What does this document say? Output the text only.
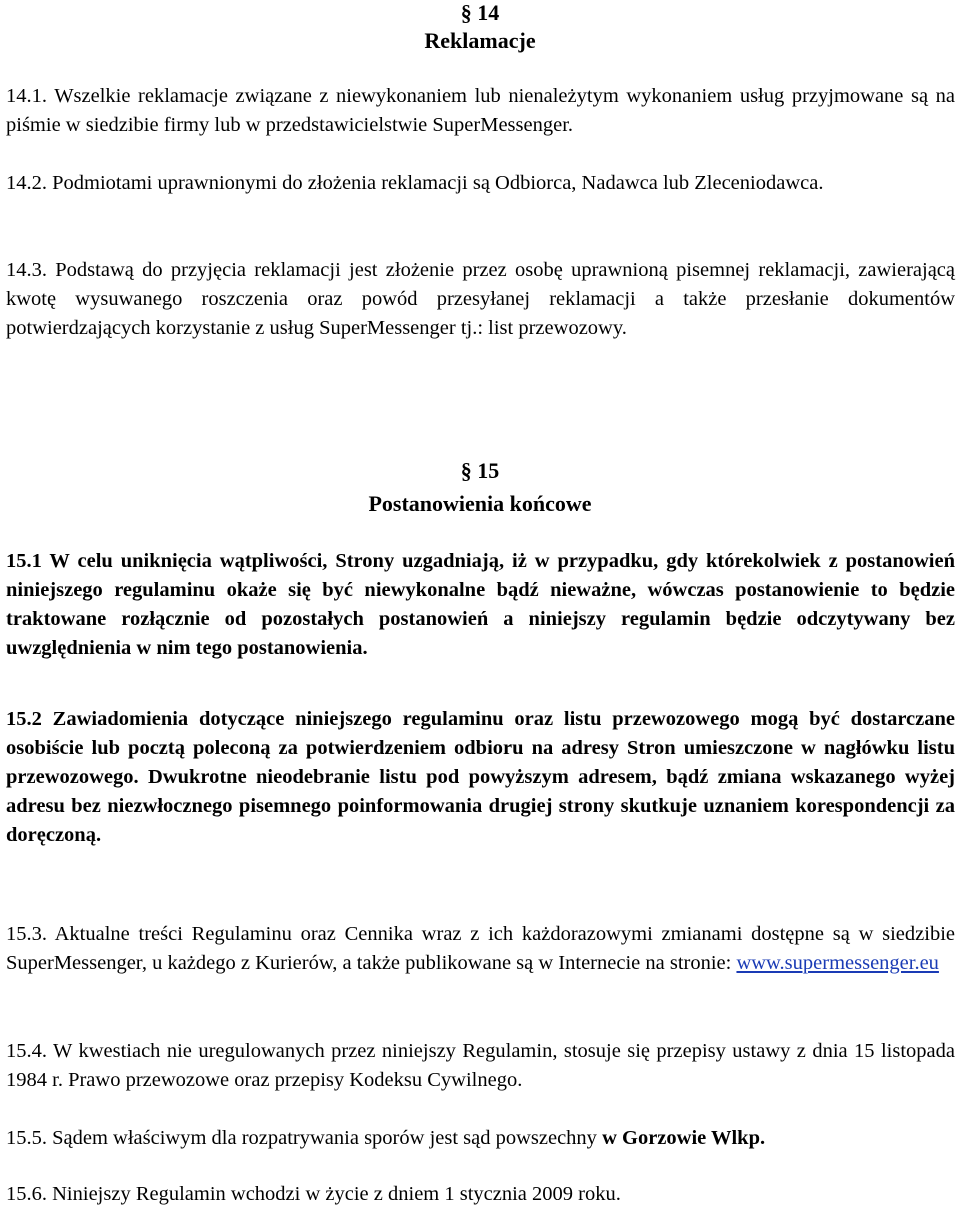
§ 14
Reklamacje

14.1. Wszelkie reklamacje związane z niewykonaniem lub nienależytym wykonaniem usług przyjmowane są na piśmie w siedzibie firmy lub w przedstawicielstwie SuperMessenger.

14.2. Podmiotami uprawnionymi do złożenia reklamacji są Odbiorca, Nadawca lub Zleceniodawca.

14.3. Podstawą do przyjęcia reklamacji jest złożenie przez osobę uprawnioną pisemnej reklamacji, zawierającą kwotę wysuwanego roszczenia oraz powód przesyłanej reklamacji a także przesłanie dokumentów potwierdzających korzystanie z usług SuperMessenger tj.: list przewozowy.

§ 15
Postanowienia końcowe

15.1 W celu uniknięcia wątpliwości, Strony uzgadniają, iż w przypadku, gdy którekolwiek z postanowień niniejszego regulaminu okaże się być niewykonalne bądź nieważne, wówczas postanowienie to będzie traktowane rozłącznie od pozostałych postanowień a niniejszy regulamin będzie odczytywany bez uwzględnienia w nim tego postanowienia.

15.2 Zawiadomienia dotyczące niniejszego regulaminu oraz listu przewozowego mogą być dostarczane osobiście lub pocztą poleconą za potwierdzeniem odbioru na adresy Stron umieszczone w nagłówku listu przewozowego. Dwukrotne nieodebranie listu pod powyższym adresem, bądź zmiana wskazanego wyżej adresu bez niezwłocznego pisemnego poinformowania drugiej strony skutkuje uznaniem korespondencji za doręczoną.

15.3. Aktualne treści Regulaminu oraz Cennika wraz z ich każdorazowymi zmianami dostępne są w siedzibie SuperMessenger, u każdego z Kurierów, a także publikowane są w Internecie na stronie: www.supermessenger.eu

15.4. W kwestiach nie uregulowanych przez niniejszy Regulamin, stosuje się przepisy ustawy z dnia 15 listopada 1984 r. Prawo przewozowe oraz przepisy Kodeksu Cywilnego.

15.5. Sądem właściwym dla rozpatrywania sporów jest sąd powszechny w Gorzowie Wlkp.

15.6. Niniejszy Regulamin wchodzi w życie z dniem 1 stycznia 2009 roku.
